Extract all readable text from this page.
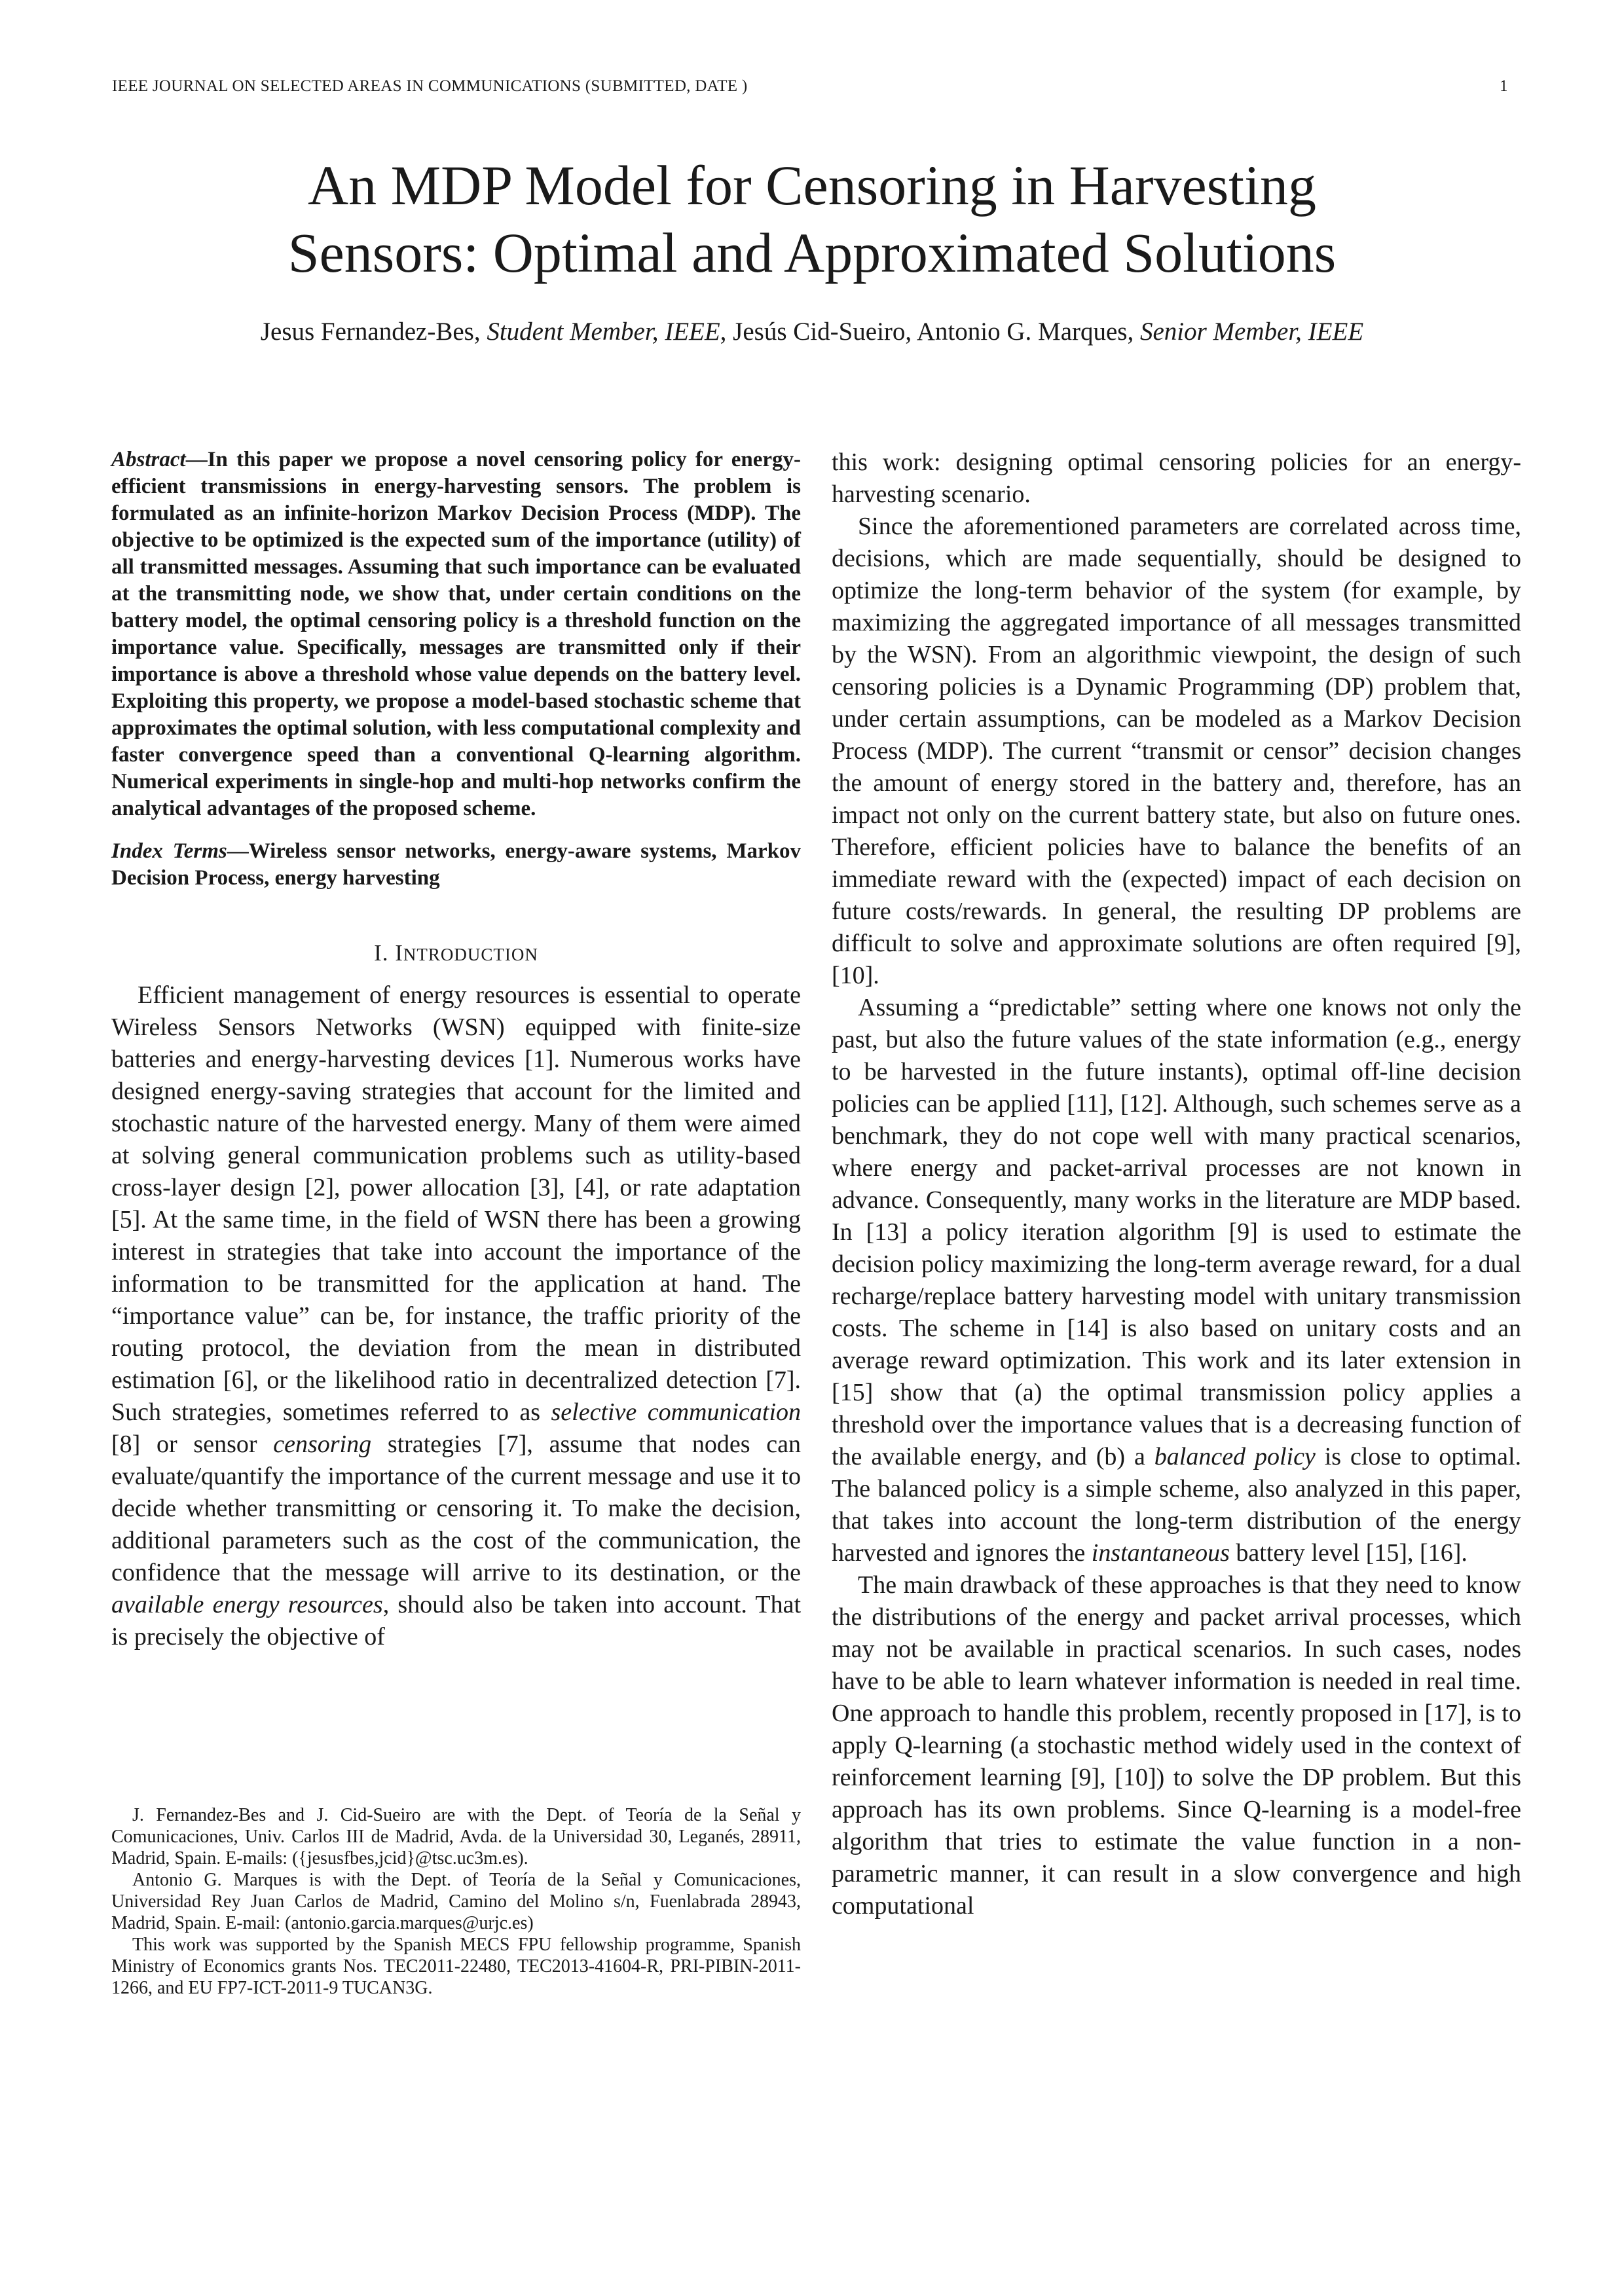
IEEE JOURNAL ON SELECTED AREAS IN COMMUNICATIONS (SUBMITTED, DATE )	1
An MDP Model for Censoring in Harvesting
Sensors: Optimal and Approximated Solutions
Jesus Fernandez-Bes, Student Member, IEEE, Jesús Cid-Sueiro, Antonio G. Marques, Senior Member, IEEE

Abstract—In this paper we propose a novel censoring policy for energy-efficient transmissions in energy-harvesting sensors. The problem is formulated as an infinite-horizon Markov Decision Process (MDP). The objective to be optimized is the expected sum of the importance (utility) of all transmitted messages. Assuming that such importance can be evaluated at the transmitting node, we show that, under certain conditions on the battery model, the optimal censoring policy is a threshold function on the importance value. Specifically, messages are transmitted only if their importance is above a threshold whose value depends on the battery level. Exploiting this property, we propose a model-based stochastic scheme that approximates the optimal solution, with less computational complexity and faster convergence speed than a conventional Q-learning algorithm. Numerical experiments in single-hop and multi-hop networks confirm the analytical advantages of the proposed scheme.

Index Terms—Wireless sensor networks, energy-aware systems, Markov Decision Process, energy harvesting

I. INTRODUCTION

Efficient management of energy resources is essential to operate Wireless Sensors Networks (WSN) equipped with finite-size batteries and energy-harvesting devices [1]. Numerous works have designed energy-saving strategies that account for the limited and stochastic nature of the harvested energy. Many of them were aimed at solving general communication problems such as utility-based cross-layer design [2], power allocation [3], [4], or rate adaptation [5]. At the same time, in the field of WSN there has been a growing interest in strategies that take into account the importance of the information to be transmitted for the application at hand. The “importance value” can be, for instance, the traffic priority of the routing protocol, the deviation from the mean in distributed estimation [6], or the likelihood ratio in decentralized detection [7]. Such strategies, sometimes referred to as selective communication [8] or sensor censoring strategies [7], assume that nodes can evaluate/quantify the importance of the current message and use it to decide whether transmitting or censoring it. To make the decision, additional parameters such as the cost of the communication, the confidence that the message will arrive to its destination, or the available energy resources, should also be taken into account. That is precisely the objective of

J. Fernandez-Bes and J. Cid-Sueiro are with the Dept. of Teoría de la Señal y Comunicaciones, Univ. Carlos III de Madrid, Avda. de la Universidad 30, Leganés, 28911, Madrid, Spain. E-mails: ({jesusfbes,jcid}@tsc.uc3m.es).

Antonio G. Marques is with the Dept. of Teoría de la Señal y Comunicaciones, Universidad Rey Juan Carlos de Madrid, Camino del Molino s/n, Fuenlabrada 28943, Madrid, Spain. E-mail: (antonio.garcia.marques@urjc.es)

This work was supported by the Spanish MECS FPU fellowship programme, Spanish Ministry of Economics grants Nos. TEC2011-22480, TEC2013-41604-R, PRI-PIBIN-2011-1266, and EU FP7-ICT-2011-9 TUCAN3G.

this work: designing optimal censoring policies for an energy-harvesting scenario.

Since the aforementioned parameters are correlated across time, decisions, which are made sequentially, should be designed to optimize the long-term behavior of the system (for example, by maximizing the aggregated importance of all messages transmitted by the WSN). From an algorithmic viewpoint, the design of such censoring policies is a Dynamic Programming (DP) problem that, under certain assumptions, can be modeled as a Markov Decision Process (MDP). The current “transmit or censor” decision changes the amount of energy stored in the battery and, therefore, has an impact not only on the current battery state, but also on future ones. Therefore, efficient policies have to balance the benefits of an immediate reward with the (expected) impact of each decision on future costs/rewards. In general, the resulting DP problems are difficult to solve and approximate solutions are often required [9], [10].

Assuming a “predictable” setting where one knows not only the past, but also the future values of the state information (e.g., energy to be harvested in the future instants), optimal off-line decision policies can be applied [11], [12]. Although, such schemes serve as a benchmark, they do not cope well with many practical scenarios, where energy and packet-arrival processes are not known in advance. Consequently, many works in the literature are MDP based. In [13] a policy iteration algorithm [9] is used to estimate the decision policy maximizing the long-term average reward, for a dual recharge/replace battery harvesting model with unitary transmission costs. The scheme in [14] is also based on unitary costs and an average reward optimization. This work and its later extension in [15] show that (a) the optimal transmission policy applies a threshold over the importance values that is a decreasing function of the available energy, and (b) a balanced policy is close to optimal. The balanced policy is a simple scheme, also analyzed in this paper, that takes into account the long-term distribution of the energy harvested and ignores the instantaneous battery level [15], [16].

The main drawback of these approaches is that they need to know the distributions of the energy and packet arrival processes, which may not be available in practical scenarios. In such cases, nodes have to be able to learn whatever information is needed in real time. One approach to handle this problem, recently proposed in [17], is to apply Q-learning (a stochastic method widely used in the context of reinforcement learning [9], [10]) to solve the DP problem. But this approach has its own problems. Since Q-learning is a model-free algorithm that tries to estimate the value function in a non-parametric manner, it can result in a slow convergence and high computational
